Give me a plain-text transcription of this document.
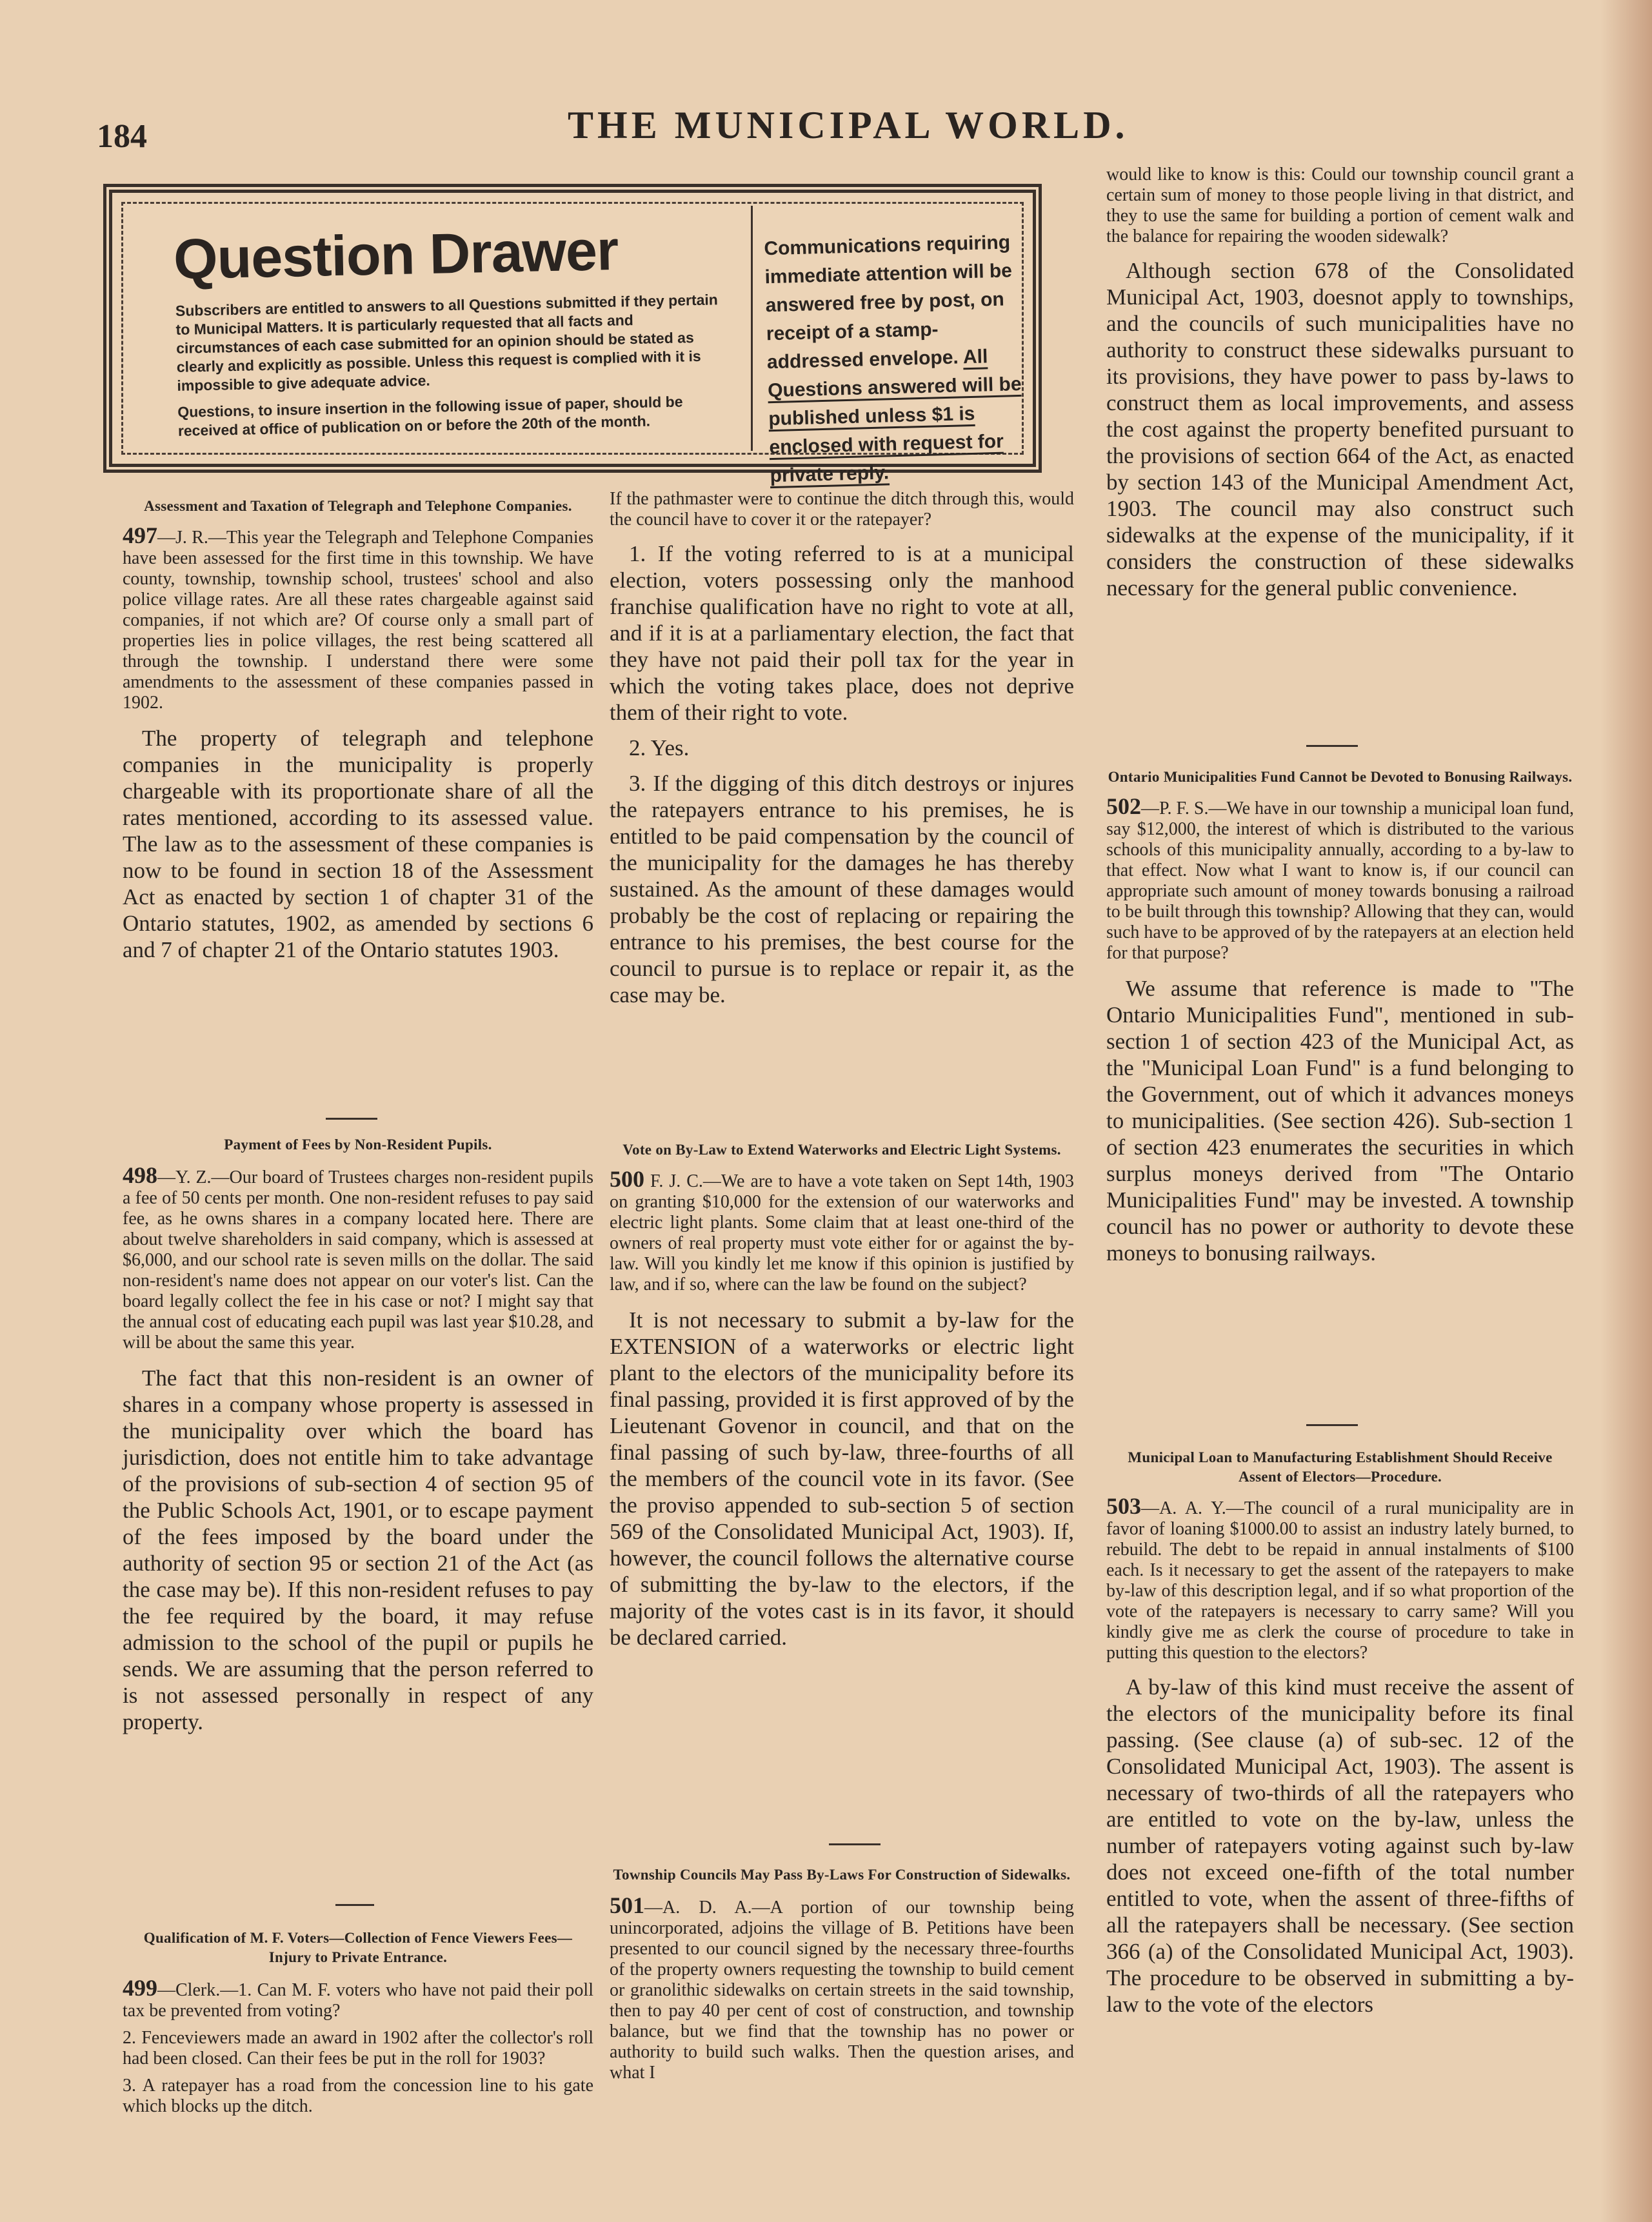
184	THE MUNICIPAL WORLD.
Question Drawer

Subscribers are entitled to answers to all Questions submitted if they pertain to Municipal Matters. It is particularly requested that all facts and circumstances of each case submitted for an opinion should be stated as clearly and explicitly as possible. Unless this request is complied with it is impossible to give adequate advice.

Questions, to insure insertion in the following issue of paper, should be received at office of publication on or before the 20th of the month.

Communications requiring immediate attention will be answered free by post, on receipt of a stamp-addressed envelope. All Questions answered will be published unless $1 is enclosed with request for private reply.
Assessment and Taxation of Telegraph and Telephone Companies.
497—J. R.—This year the Telegraph and Telephone Companies have been assessed for the first time in this township. We have county, township, township school, trustees' school and also police village rates. Are all these rates chargeable against said companies, if not which are? Of course only a small part of properties lies in police villages, the rest being scattered all through the township. I understand there were some amendments to the assessment of these companies passed in 1902.
The property of telegraph and telephone companies in the municipality is properly chargeable with its proportionate share of all the rates mentioned, according to its assessed value. The law as to the assessment of these companies is now to be found in section 18 of the Assessment Act as enacted by section 1 of chapter 31 of the Ontario statutes, 1902, as amended by sections 6 and 7 of chapter 21 of the Ontario statutes 1903.
Payment of Fees by Non-Resident Pupils.
498—Y. Z.—Our board of Trustees charges non-resident pupils a fee of 50 cents per month. One non-resident refuses to pay said fee, as he owns shares in a company located here. There are about twelve shareholders in said company, which is assessed at $6,000, and our school rate is seven mills on the dollar. The said non-resident's name does not appear on our voter's list. Can the board legally collect the fee in his case or not? I might say that the annual cost of educating each pupil was last year $10.28, and will be about the same this year.
The fact that this non-resident is an owner of shares in a company whose property is assessed in the municipality over which the board has jurisdiction, does not entitle him to take advantage of the provisions of sub-section 4 of section 95 of the Public Schools Act, 1901, or to escape payment of the fees imposed by the board under the authority of section 95 or section 21 of the Act (as the case may be). If this non-resident refuses to pay the fee required by the board, it may refuse admission to the school of the pupil or pupils he sends. We are assuming that the person referred to is not assessed personally in respect of any property.
Qualification of M. F. Voters—Collection of Fence Viewers Fees—Injury to Private Entrance.

499—Clerk.—1. Can M. F. voters who have not paid their poll tax be prevented from voting?

2. Fenceviewers made an award in 1902 after the collector's roll had been closed. Can their fees be put in the roll for 1903?

3. A ratepayer has a road from the concession line to his gate which blocks up the ditch.

If the pathmaster were to continue the ditch through this, would the council have to cover it or the ratepayer?

1. If the voting referred to is at a municipal election, voters possessing only the manhood franchise qualification have no right to vote at all, and if it is at a parliamentary election, the fact that they have not paid their poll tax for the year in which the voting takes place, does not deprive them of their right to vote.

2. Yes.

3. If the digging of this ditch destroys or injures the ratepayers entrance to his premises, he is entitled to be paid compensation by the council of the municipality for the damages he has thereby sustained. As the amount of these damages would probably be the cost of replacing or repairing the entrance to his premises, the best course for the council to pursue is to replace or repair it, as the case may be.

Vote on By-Law to Extend Waterworks and Electric Light Systems.
500 F. J. C.—We are to have a vote taken on Sept 14th, 1903 on granting $10,000 for the extension of our waterworks and electric light plants. Some claim that at least one-third of the owners of real property must vote either for or against the by-law. Will you kindly let me know if this opinion is justified by law, and if so, where can the law be found on the subject?
It is not necessary to submit a by-law for the EXTENSION of a waterworks or electric light plant to the electors of the municipality before its final passing, provided it is first approved of by the Lieutenant Govenor in council, and that on the final passing of such by-law, three-fourths of all the members of the council vote in its favor. (See the proviso appended to sub-section 5 of section 569 of the Consolidated Municipal Act, 1903). If, however, the council follows the alternative course of submitting the by-law to the electors, if the majority of the votes cast is in its favor, it should be declared carried.
Township Councils May Pass By-Laws For Construction of Sidewalks.
501—A. D. A.—A portion of our township being unincorporated, adjoins the village of B. Petitions have been presented to our council signed by the necessary three-fourths of the property owners requesting the township to build cement or granolithic sidewalks on certain streets in the said township, then to pay 40 per cent of cost of construction, and township balance, but we find that the township has no power or authority to build such walks. Then the question arises, and what I
would like to know is this: Could our township council grant a certain sum of money to those people living in that district, and they to use the same for building a portion of cement walk and the balance for repairing the wooden sidewalk?
Although section 678 of the Consolidated Municipal Act, 1903, doesnot apply to townships, and the councils of such municipalities have no authority to construct these sidewalks pursuant to its provisions, they have power to pass by-laws to construct them as local improvements, and assess the cost against the property benefited pursuant to the provisions of section 664 of the Act, as enacted by section 143 of the Municipal Amendment Act, 1903. The council may also construct such sidewalks at the expense of the municipality, if it considers the construction of these sidewalks necessary for the general public convenience.
Ontario Municipalities Fund Cannot be Devoted to Bonusing Railways.
502—P. F. S.—We have in our township a municipal loan fund, say $12,000, the interest of which is distributed to the various schools of this municipality annually, according to a by-law to that effect. Now what I want to know is, if our council can appropriate such amount of money towards bonusing a railroad to be built through this township? Allowing that they can, would such have to be approved of by the ratepayers at an election held for that purpose?
We assume that reference is made to "The Ontario Municipalities Fund", mentioned in sub-section 1 of section 423 of the Municipal Act, as the "Municipal Loan Fund" is a fund belonging to the Government, out of which it advances moneys to municipalities. (See section 426). Sub-section 1 of section 423 enumerates the securities in which surplus moneys derived from "The Ontario Municipalities Fund" may be invested. A township council has no power or authority to devote these moneys to bonusing railways.
Municipal Loan to Manufacturing Establishment Should Receive Assent of Electors—Procedure.
503—A. A. Y.—The council of a rural municipality are in favor of loaning $1000.00 to assist an industry lately burned, to rebuild. The debt to be repaid in annual instalments of $100 each. Is it necessary to get the assent of the ratepayers to make by-law of this description legal, and if so what proportion of the vote of the ratepayers is necessary to carry same? Will you kindly give me as clerk the course of procedure to take in putting this question to the electors?
A by-law of this kind must receive the assent of the electors of the municipality before its final passing. (See clause (a) of sub-sec. 12 of the Consolidated Municipal Act, 1903). The assent is necessary of two-thirds of all the ratepayers who are entitled to vote on the by-law, unless the number of ratepayers voting against such by-law does not exceed one-fifth of the total number entitled to vote, when the assent of three-fifths of all the ratepayers shall be necessary. (See section 366 (a) of the Consolidated Municipal Act, 1903). The procedure to be observed in submitting a by-law to the vote of the electors
